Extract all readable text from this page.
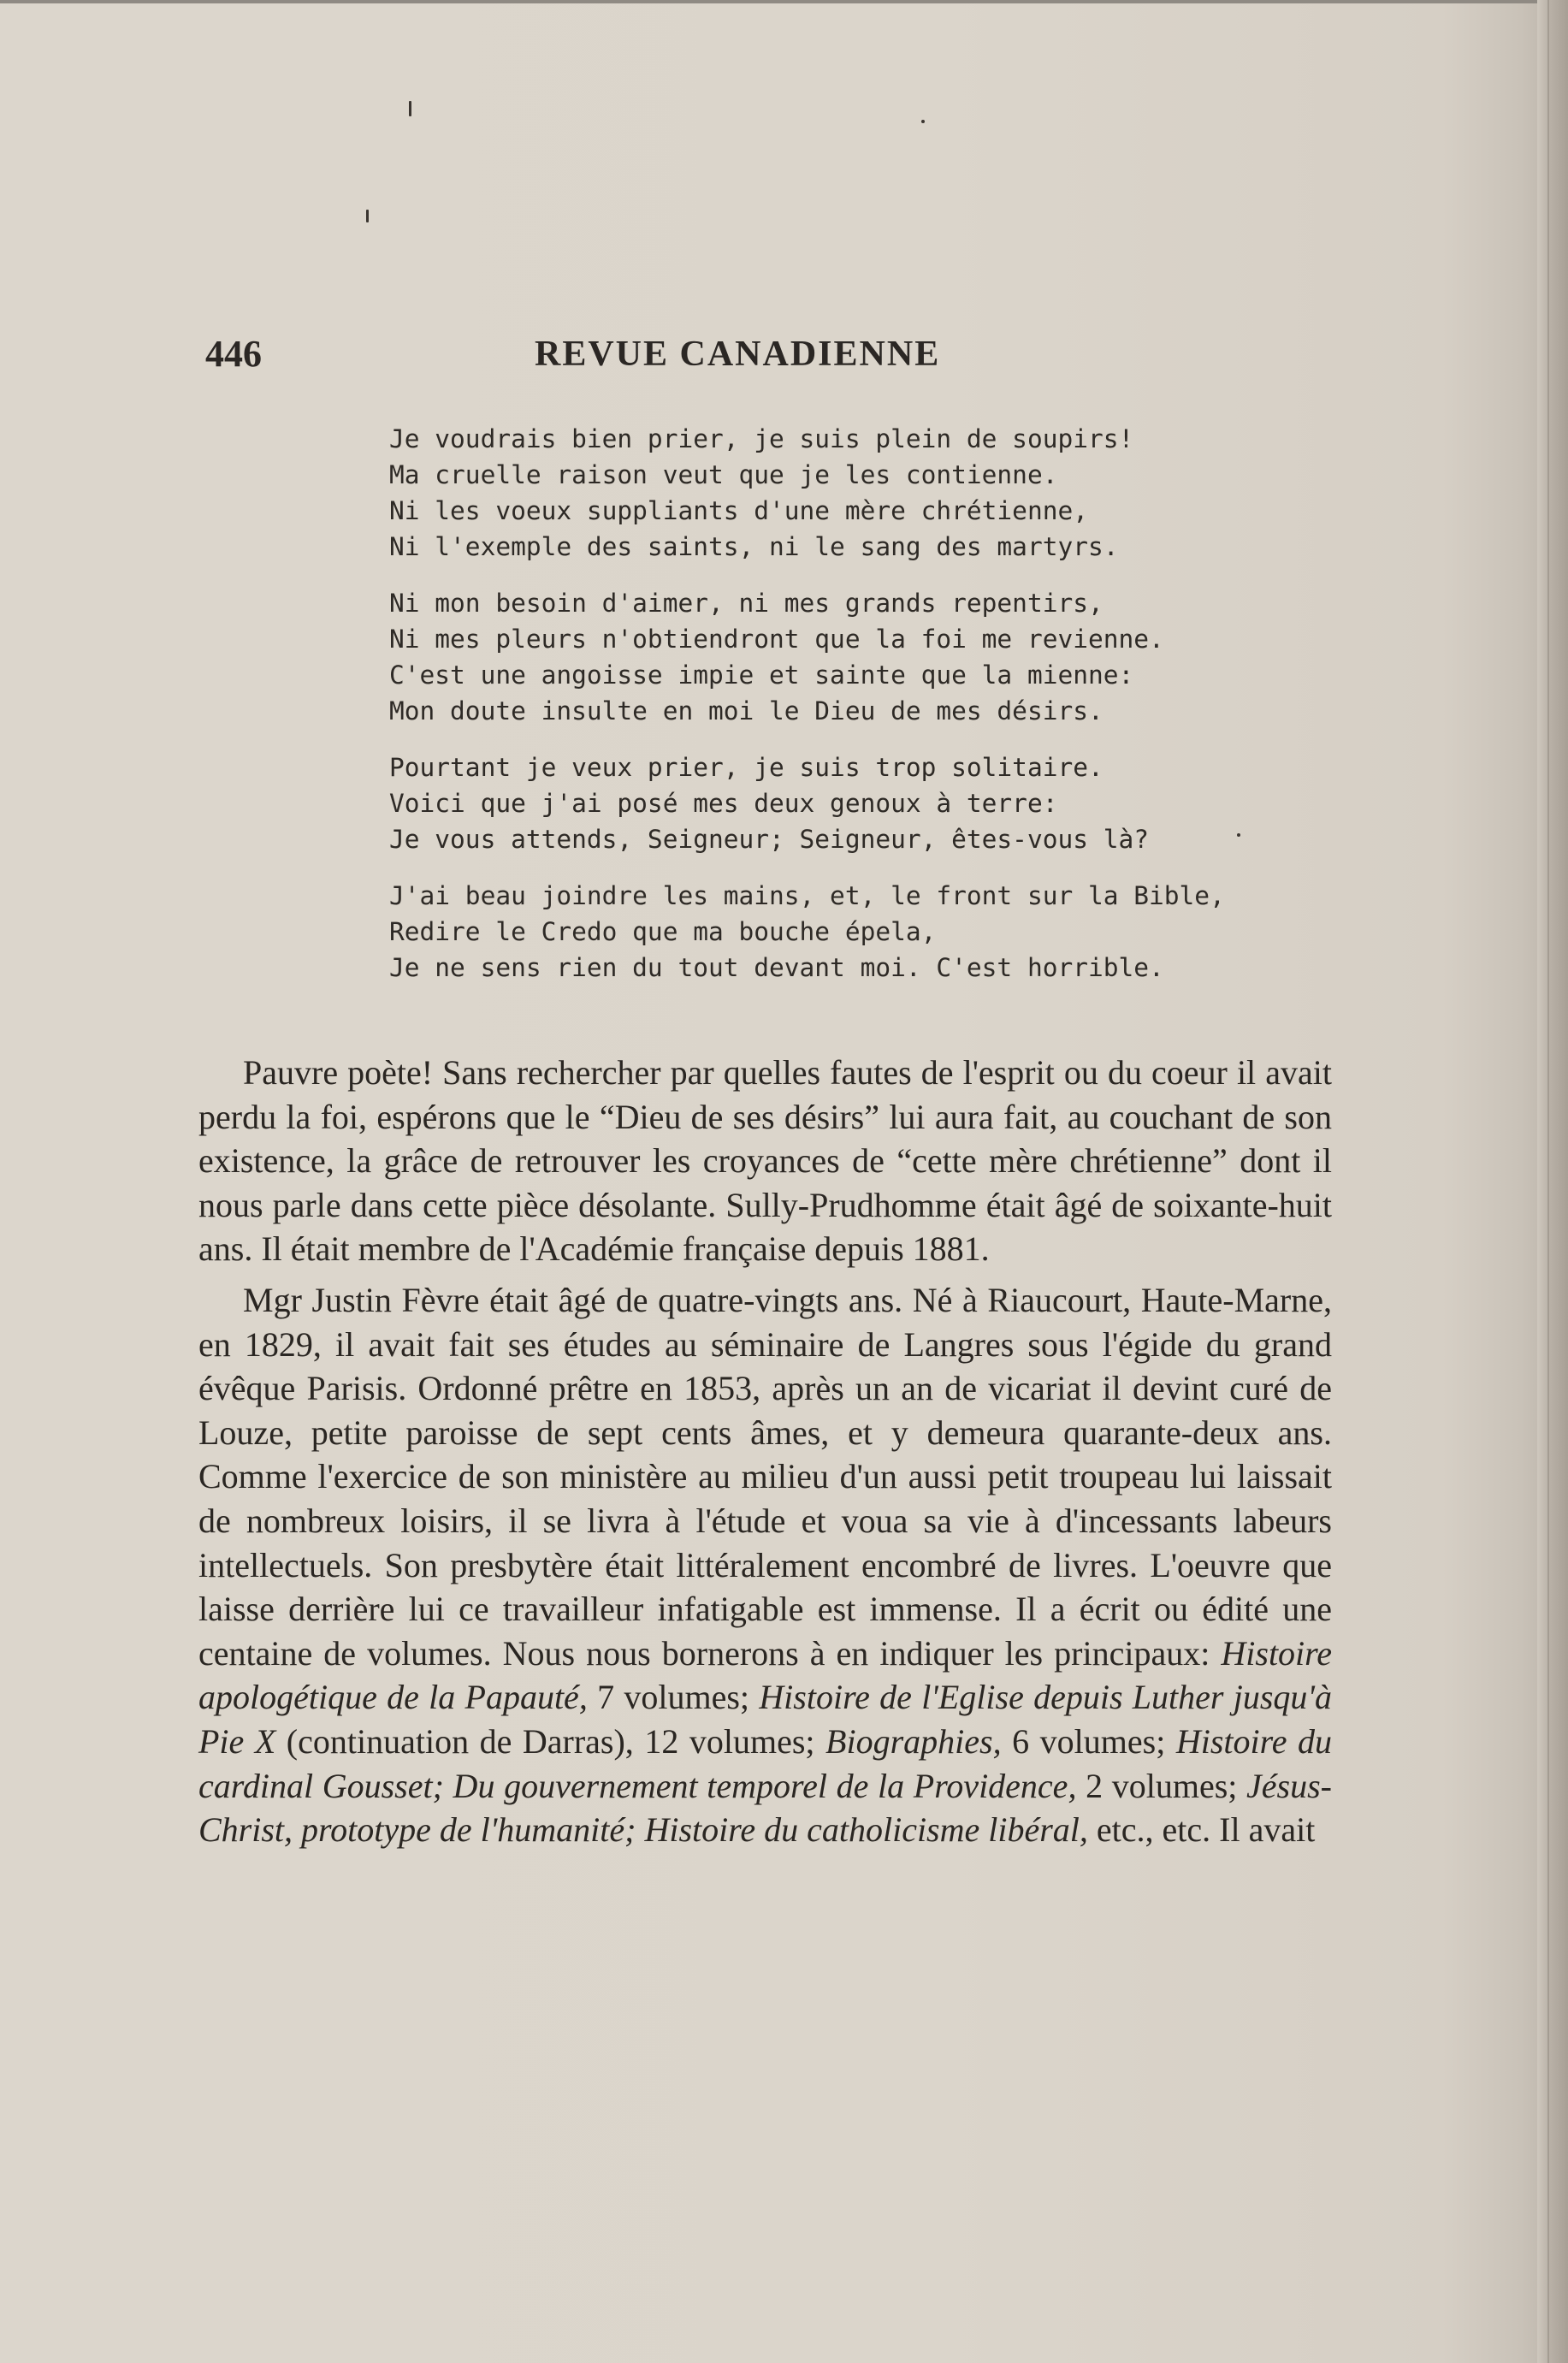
446	REVUE CANADIENNE
Je voudrais bien prier, je suis plein de soupirs!
Ma cruelle raison veut que je les contienne.
Ni les voeux suppliants d'une mère chrétienne,
Ni l'exemple des saints, ni le sang des martyrs.
Ni mon besoin d'aimer, ni mes grands repentirs,
Ni mes pleurs n'obtiendront que la foi me revienne.
C'est une angoisse impie et sainte que la mienne:
Mon doute insulte en moi le Dieu de mes désirs.
Pourtant je veux prier, je suis trop solitaire.
Voici que j'ai posé mes deux genoux à terre:
Je vous attends, Seigneur; Seigneur, êtes-vous là?
J'ai beau joindre les mains, et, le front sur la Bible,
Redire le Credo que ma bouche épela,
Je ne sens rien du tout devant moi. C'est horrible.

Pauvre poète! Sans rechercher par quelles fautes de l'esprit ou du coeur il avait perdu la foi, espérons que le “Dieu de ses désirs” lui aura fait, au couchant de son existence, la grâce de retrouver les croyances de “cette mère chrétienne” dont il nous parle dans cette pièce désolante. Sully-Prudhomme était âgé de soixante-huit ans. Il était membre de l'Académie française depuis 1881.

Mgr Justin Fèvre était âgé de quatre-vingts ans. Né à Riaucourt, Haute-Marne, en 1829, il avait fait ses études au séminaire de Langres sous l'égide du grand évêque Parisis. Ordonné prêtre en 1853, après un an de vicariat il devint curé de Louze, petite paroisse de sept cents âmes, et y demeura quarante-deux ans. Comme l'exercice de son ministère au milieu d'un aussi petit troupeau lui laissait de nombreux loisirs, il se livra à l'étude et voua sa vie à d'incessants labeurs intellectuels. Son presbytère était littéralement encombré de livres. L'oeuvre que laisse derrière lui ce travailleur infatigable est immense. Il a écrit ou édité une centaine de volumes. Nous nous bornerons à en indiquer les principaux: Histoire apologétique de la Papauté, 7 volumes; Histoire de l'Eglise depuis Luther jusqu'à Pie X (continuation de Darras), 12 volumes; Biographies, 6 volumes; Histoire du cardinal Gousset; Du gouvernement temporel de la Providence, 2 volumes; Jésus-Christ, prototype de l'humanité; Histoire du catholicisme libéral, etc., etc. Il avait
